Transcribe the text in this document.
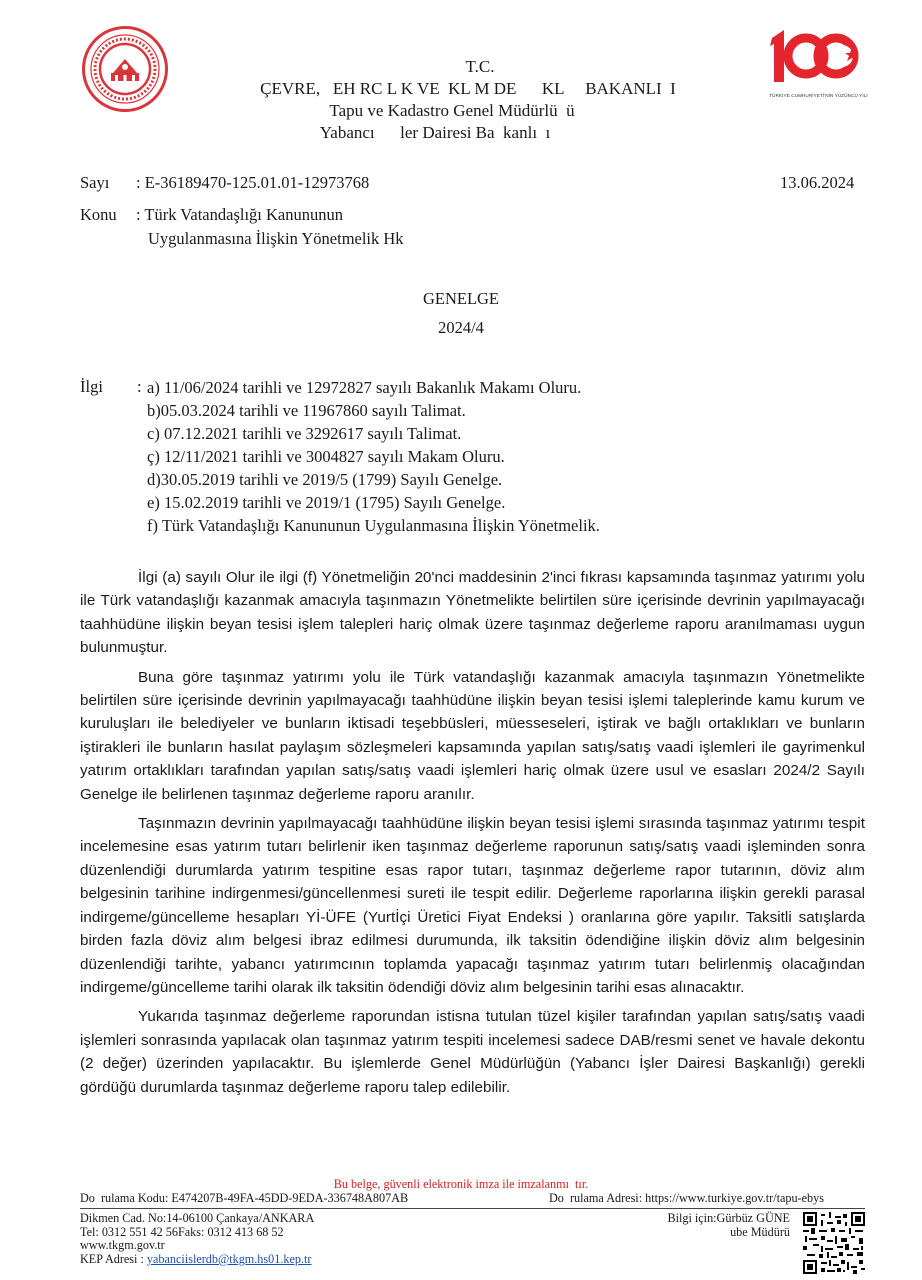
TÜRKİYE CUMHURİYETİ'NİN YÜZÜNCÜ YILI
T.C.
ÇEVRE,   EH RC L K VE  KL M DE      KL     BAKANLI  I
Tapu ve Kadastro Genel Müdürlü  ü
Yabancı      ler Dairesi Ba  kanlı  ı
Sayı : E-36189470-125.01.01-12973768	13.06.2024
Konu : Türk Vatandaşlığı Kanununun
Uygulanmasına İlişkin Yönetmelik Hk
GENELGE
2024/4
İlgi : a) 11/06/2024 tarihli ve 12972827 sayılı Bakanlık Makamı Oluru.
b)05.03.2024 tarihli ve 11967860 sayılı Talimat.
c) 07.12.2021 tarihli ve 3292617 sayılı Talimat.
ç) 12/11/2021 tarihli ve 3004827 sayılı Makam Oluru.
d)30.05.2019 tarihli ve 2019/5 (1799) Sayılı Genelge.
e) 15.02.2019 tarihli ve 2019/1 (1795) Sayılı Genelge.
f) Türk Vatandaşlığı Kanununun Uygulanmasına İlişkin Yönetmelik.

İlgi (a) sayılı Olur ile ilgi (f) Yönetmeliğin 20'nci maddesinin 2'inci fıkrası kapsamında taşınmaz yatırımı yolu ile Türk vatandaşlığı kazanmak amacıyla taşınmazın Yönetmelikte belirtilen süre içerisinde devrinin yapılmayacağı taahhüdüne ilişkin beyan tesisi işlem talepleri hariç olmak üzere taşınmaz değerleme raporu aranılmaması uygun bulunmuştur.

Buna göre taşınmaz yatırımı yolu ile Türk vatandaşlığı kazanmak amacıyla taşınmazın Yönetmelikte belirtilen süre içerisinde devrinin yapılmayacağı taahhüdüne ilişkin beyan tesisi işlemi taleplerinde kamu kurum ve kuruluşları ile belediyeler ve bunların iktisadi teşebbüsleri, müesseseleri, iştirak ve bağlı ortaklıkları ve bunların iştirakleri ile bunların hasılat paylaşım sözleşmeleri kapsamında yapılan satış/satış vaadi işlemleri ile gayrimenkul yatırım ortaklıkları tarafından yapılan satış/satış vaadi işlemleri hariç olmak üzere usul ve esasları 2024/2 Sayılı Genelge ile belirlenen taşınmaz değerleme raporu aranılır.

Taşınmazın devrinin yapılmayacağı taahhüdüne ilişkin beyan tesisi işlemi sırasında taşınmaz yatırımı tespit incelemesine esas yatırım tutarı belirlenir iken taşınmaz değerleme raporunun satış/satış vaadi işleminden sonra düzenlendiği durumlarda yatırım tespitine esas rapor tutarı, taşınmaz değerleme rapor tutarının, döviz alım belgesinin tarihine indirgenmesi/güncellenmesi sureti ile tespit edilir. Değerleme raporlarına ilişkin gerekli parasal indirgeme/güncelleme hesapları Yİ-ÜFE (Yurtİçi Üretici Fiyat Endeksi ) oranlarına göre yapılır. Taksitli satışlarda birden fazla döviz alım belgesi ibraz edilmesi durumunda, ilk taksitin ödendiğine ilişkin döviz alım belgesinin düzenlendiği tarihte, yabancı yatırımcının toplamda yapacağı taşınmaz yatırım tutarı belirlenmiş olacağından indirgeme/güncelleme tarihi olarak ilk taksitin ödendiği döviz alım belgesinin tarihi esas alınacaktır.

Yukarıda taşınmaz değerleme raporundan istisna tutulan tüzel kişiler tarafından yapılan satış/satış vaadi işlemleri sonrasında yapılacak olan taşınmaz yatırım tespiti incelemesi sadece DAB/resmi senet ve havale dekontu (2 değer) üzerinden yapılacaktır. Bu işlemlerde Genel Müdürlüğün (Yabancı İşler Dairesi Başkanlığı) gerekli gördüğü durumlarda taşınmaz değerleme raporu talep edilebilir.

Bu belge, güvenli elektronik imza ile imzalanmı  tır.
Do  rulama Kodu: E474207B-49FA-45DD-9EDA-336748A807AB	Do  rulama Adresi: https://www.turkiye.gov.tr/tapu-ebys
Dikmen Cad. No:14-06100 Çankaya/ANKARA
Tel: 0312 551 42 56Faks: 0312 413 68 52
www.tkgm.gov.tr
KEP Adresi : yabanciislerdb@tkgm.hs01.kep.tr
Bilgi için:Gürbüz GÜNE
ube Müdürü
